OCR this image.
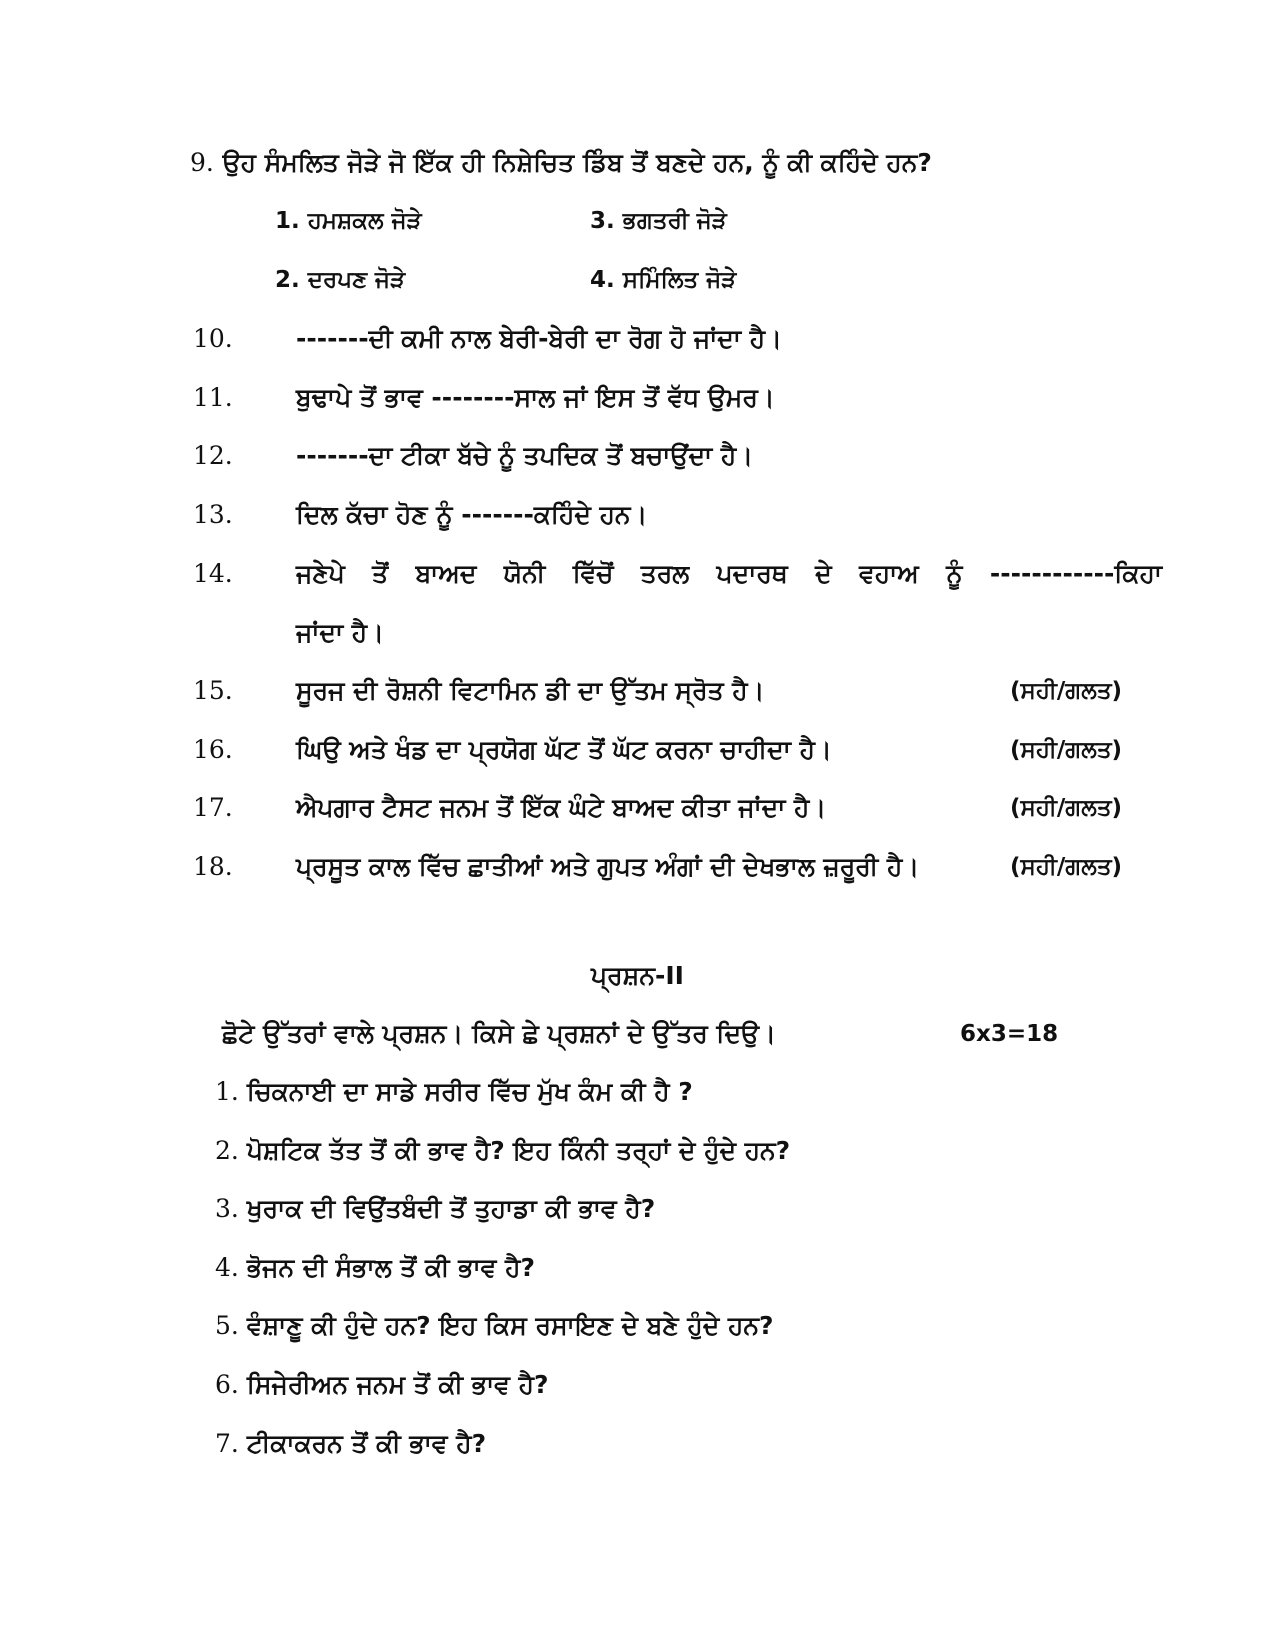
9. ਉਹ ਸੰਮਲਿਤ ਜੋੜੇ ਜੋ ਇੱਕ ਹੀ ਨਿਸ਼ੇਚਿਤ ਡਿੰਬ ਤੋਂ ਬਣਦੇ ਹਨ, ਨੂੰ ਕੀ ਕਹਿੰਦੇ ਹਨ?
1. ਹਮਸ਼ਕਲ ਜੋੜੇ	3. ਭਗਤਰੀ ਜੋੜੇ
2. ਦਰਪਣ ਜੋੜੇ	4. ਸਮਿੰਲਿਤ ਜੋੜੇ
10.	-------ਦੀ ਕਮੀ ਨਾਲ ਬੇਰੀ-ਬੇਰੀ ਦਾ ਰੋਗ ਹੋ ਜਾਂਦਾ ਹੈ।
11.	ਬੁਢਾਪੇ ਤੋਂ ਭਾਵ --------ਸਾਲ ਜਾਂ ਇਸ ਤੋਂ ਵੱਧ ਉਮਰ।
12.	-------ਦਾ ਟੀਕਾ ਬੱਚੇ ਨੂੰ ਤਪਦਿਕ ਤੋਂ ਬਚਾਉਂਦਾ ਹੈ।
13.	ਦਿਲ ਕੱਚਾ ਹੋਣ ਨੂੰ -------ਕਹਿੰਦੇ ਹਨ।
14.	ਜਣੇਪੇ ਤੋਂ ਬਾਅਦ ਯੋਨੀ ਵਿੱਚੋਂ ਤਰਲ ਪਦਾਰਥ ਦੇ ਵਹਾਅ ਨੂੰ ------------ਕਿਹਾ
ਜਾਂਦਾ ਹੈ।
15.	ਸੂਰਜ ਦੀ ਰੋਸ਼ਨੀ ਵਿਟਾਮਿਨ ਡੀ ਦਾ ਉੱਤਮ ਸ੍ਰੋਤ ਹੈ।	(ਸਹੀ/ਗਲਤ)
16.	ਘਿਉ ਅਤੇ ਖੰਡ ਦਾ ਪ੍ਰਯੋਗ ਘੱਟ ਤੋਂ ਘੱਟ ਕਰਨਾ ਚਾਹੀਦਾ ਹੈ।	(ਸਹੀ/ਗਲਤ)
17.	ਐਪਗਾਰ ਟੈਸਟ ਜਨਮ ਤੋਂ ਇੱਕ ਘੰਟੇ ਬਾਅਦ ਕੀਤਾ ਜਾਂਦਾ ਹੈ।	(ਸਹੀ/ਗਲਤ)
18.	ਪ੍ਰਸੂਤ ਕਾਲ ਵਿੱਚ ਛਾਤੀਆਂ ਅਤੇ ਗੁਪਤ ਅੰਗਾਂ ਦੀ ਦੇਖਭਾਲ ਜ਼ਰੂਰੀ ਹੈ।	(ਸਹੀ/ਗਲਤ)
ਪ੍ਰਸ਼ਨ-II
ਛੋਟੇ ਉੱਤਰਾਂ ਵਾਲੇ ਪ੍ਰਸ਼ਨ। ਕਿਸੇ ਛੇ ਪ੍ਰਸ਼ਨਾਂ ਦੇ ਉੱਤਰ ਦਿਉ।	6x3=18
1. ਚਿਕਨਾਈ ਦਾ ਸਾਡੇ ਸਰੀਰ ਵਿੱਚ ਮੁੱਖ ਕੰਮ ਕੀ ਹੈ ?
2. ਪੋਸ਼ਟਿਕ ਤੱਤ ਤੋਂ ਕੀ ਭਾਵ ਹੈ? ਇਹ ਕਿੰਨੀ ਤਰ੍ਹਾਂ ਦੇ ਹੁੰਦੇ ਹਨ?
3. ਖੁਰਾਕ ਦੀ ਵਿਉਂਤਬੰਦੀ ਤੋਂ ਤੁਹਾਡਾ ਕੀ ਭਾਵ ਹੈ?
4. ਭੋਜਨ ਦੀ ਸੰਭਾਲ ਤੋਂ ਕੀ ਭਾਵ ਹੈ?
5. ਵੰਸ਼ਾਣੂ ਕੀ ਹੁੰਦੇ ਹਨ? ਇਹ ਕਿਸ ਰਸਾਇਣ ਦੇ ਬਣੇ ਹੁੰਦੇ ਹਨ?
6. ਸਿਜੇਰੀਅਨ ਜਨਮ ਤੋਂ ਕੀ ਭਾਵ ਹੈ?
7. ਟੀਕਾਕਰਨ ਤੋਂ ਕੀ ਭਾਵ ਹੈ?
